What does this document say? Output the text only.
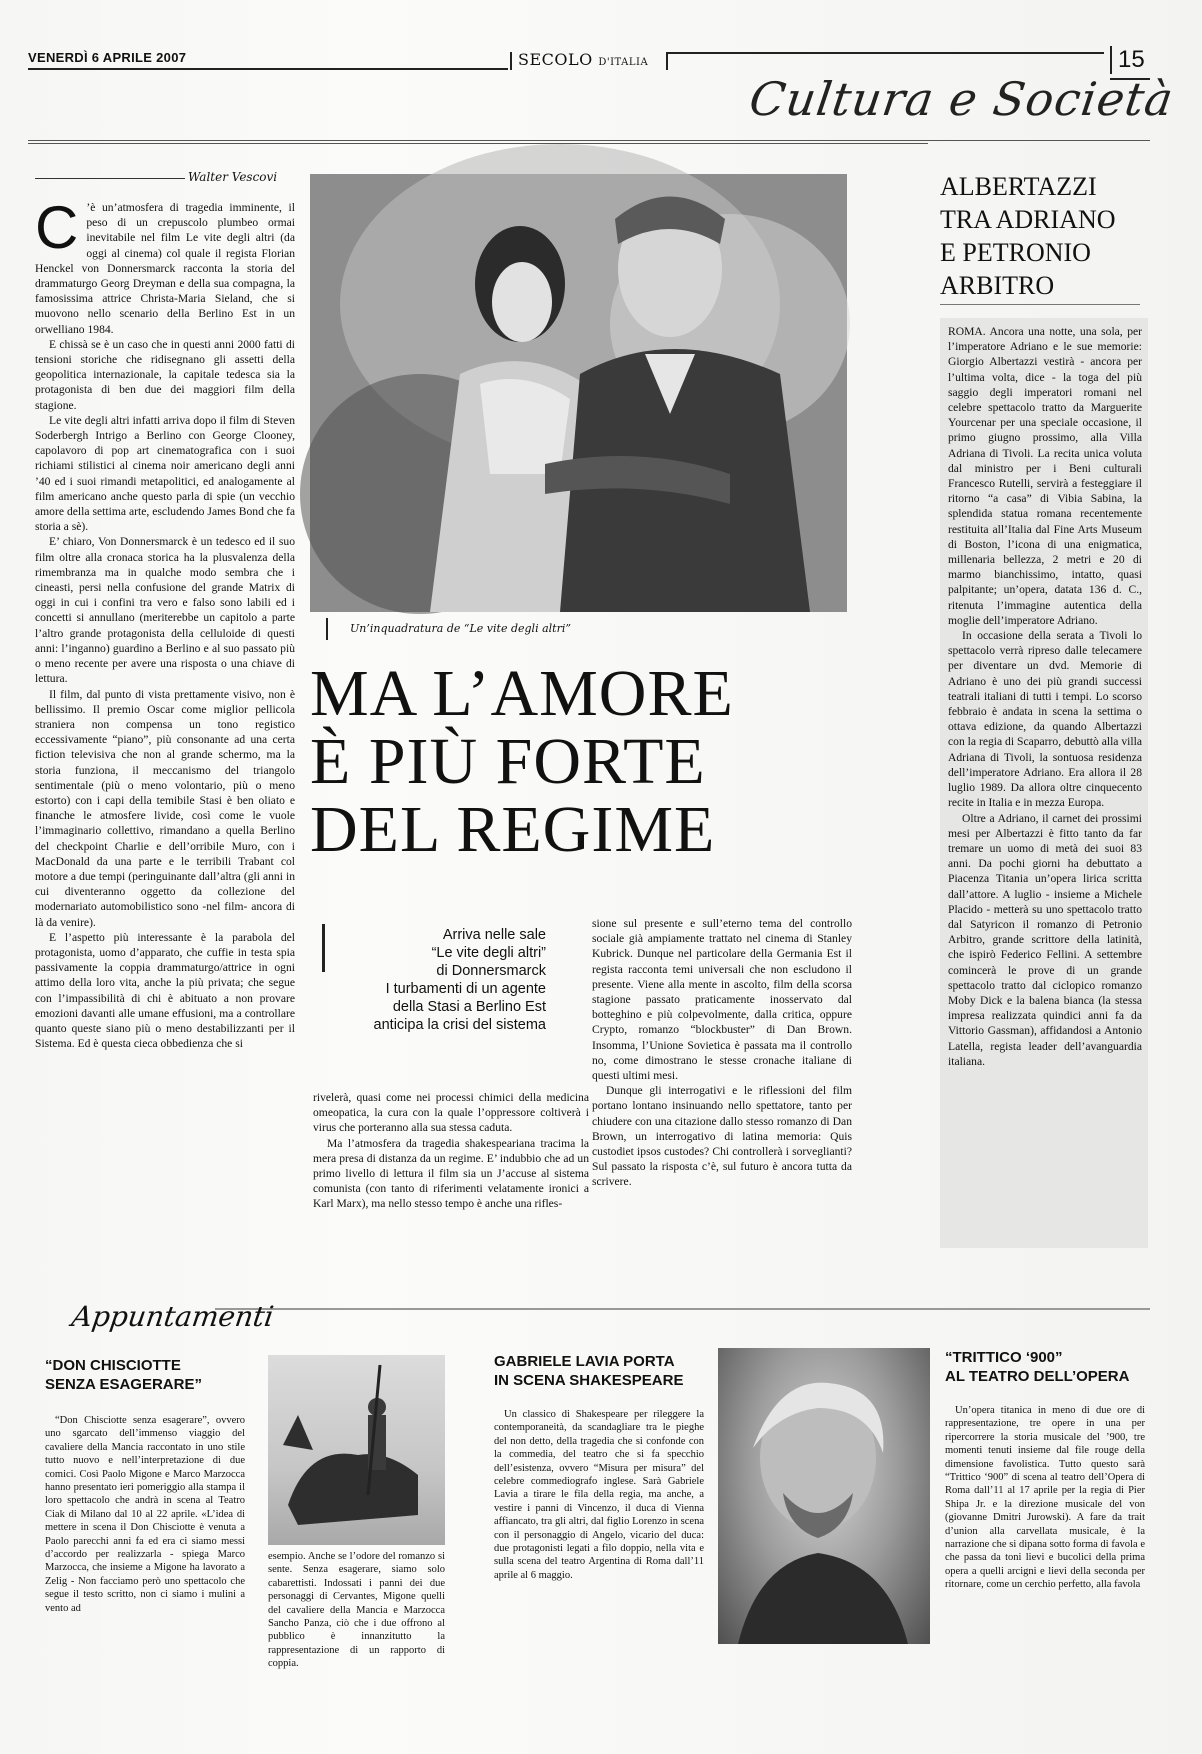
VENERDÌ 6 APRILE 2007	SECOLO D'ITALIA	15
Cultura e Società
Walter Vescovi
C ’è un’atmosfera di tragedia imminente, il peso di un crepuscolo plumbeo ormai inevitabile nel film Le vite degli altri (da oggi al cinema) col quale il regista Florian Henckel von Donnersmarck racconta la storia del drammaturgo Georg Dreyman e della sua compagna, la famosissima attrice Christa-Maria Sieland, che si muovono nello scenario della Berlino Est in un orwelliano 1984.

E chissà se è un caso che in questi anni 2000 fatti di tensioni storiche che ridisegnano gli assetti della geopolitica internazionale, la capitale tedesca sia la protagonista di ben due dei maggiori film della stagione.

Le vite degli altri infatti arriva dopo il film di Steven Soderbergh Intrigo a Berlino con George Clooney, capolavoro di pop art cinematografica con i suoi richiami stilistici al cinema noir americano degli anni ’40 ed i suoi rimandi metapolitici, ed analogamente al film americano anche questo parla di spie (un vecchio amore della settima arte, escludendo James Bond che fa storia a sè).

E’ chiaro, Von Donnersmarck è un tedesco ed il suo film oltre alla cronaca storica ha la plusvalenza della rimembranza ma in qualche modo sembra che i cineasti, persi nella confusione del grande Matrix di oggi in cui i confini tra vero e falso sono labili ed i concetti si annullano (meriterebbe un capitolo a parte l’altro grande protagonista della celluloide di questi anni: l’inganno) guardino a Berlino e al suo passato più o meno recente per avere una risposta o una chiave di lettura.

Il film, dal punto di vista prettamente visivo, non è bellissimo. Il premio Oscar come miglior pellicola straniera non compensa un tono registico eccessivamente “piano”, più consonante ad una certa fiction televisiva che non al grande schermo, ma la storia funziona, il meccanismo del triangolo sentimentale (più o meno volontario, più o meno estorto) con i capi della temibile Stasi è ben oliato e finanche le atmosfere livide, così come le vuole l’immaginario collettivo, rimandano a quella Berlino del checkpoint Charlie e dell’orribile Muro, con i MacDonald da una parte e le terribili Trabant col motore a due tempi (peringuinante dall’altra (gli anni in cui diventeranno oggetto da collezione del modernariato automobilistico sono -nel film- ancora di là da venire).

E l’aspetto più interessante è la parabola del protagonista, uomo d’apparato, che cuffie in testa spia passivamente la coppia drammaturgo/attrice in ogni attimo della loro vita, anche la più privata; che segue con l’impassibilità di chi è abituato a non provare emozioni davanti alle umane effusioni, ma a controllare quanto queste siano più o meno destabilizzanti per il Sistema. Ed è questa cieca obbedienza che si

Un’inquadratura de “Le vite degli altri”
MA L’AMORE
È PIÙ FORTE
DEL REGIME
Arriva nelle sale
“Le vite degli altri”
di Donnersmarck
I turbamenti di un agente
della Stasi a Berlino Est
anticipa la crisi del sistema

rivelerà, quasi come nei processi chimici della medicina omeopatica, la cura con la quale l’oppressore coltiverà i virus che porteranno alla sua stessa caduta.

Ma l’atmosfera da tragedia shakespeariana tracima la mera presa di distanza da un regime. E’ indubbio che ad un primo livello di lettura il film sia un J’accuse al sistema comunista (con tanto di riferimenti velatamente ironici a Karl Marx), ma nello stesso tempo è anche una rifles-

sione sul presente e sull’eterno tema del controllo sociale già ampiamente trattato nel cinema di Stanley Kubrick. Dunque nel particolare della Germania Est il regista racconta temi universali che non escludono il presente. Viene alla mente in ascolto, film della scorsa stagione passato praticamente inosservato dal botteghino e più colpevolmente, dalla critica, oppure Crypto, romanzo “blockbuster” di Dan Brown. Insomma, l’Unione Sovietica è passata ma il controllo no, come dimostrano le stesse cronache italiane di questi ultimi mesi.

Dunque gli interrogativi e le riflessioni del film portano lontano insinuando nello spettatore, tanto per chiudere con una citazione dallo stesso romanzo di Dan Brown, un interrogativo di latina memoria: Quis custodiet ipsos custodes? Chi controllerà i sorveglianti? Sul passato la risposta c’è, sul futuro è ancora tutta da scrivere.

ALBERTAZZI
TRA ADRIANO
E PETRONIO
ARBITRO

ROMA. Ancora una notte, una sola, per l’imperatore Adriano e le sue memorie: Giorgio Albertazzi vestirà - ancora per l’ultima volta, dice - la toga del più saggio degli imperatori romani nel celebre spettacolo tratto da Marguerite Yourcenar per una speciale occasione, il primo giugno prossimo, alla Villa Adriana di Tivoli. La recita unica voluta dal ministro per i Beni culturali Francesco Rutelli, servirà a festeggiare il ritorno “a casa” di Vibia Sabina, la splendida statua romana recentemente restituita all’Italia dal Fine Arts Museum di Boston, l’icona di una enigmatica, millenaria bellezza, 2 metri e 20 di marmo bianchissimo, intatto, quasi palpitante; un’opera, datata 136 d. C., ritenuta l’immagine autentica della moglie dell’imperatore Adriano.

In occasione della serata a Tivoli lo spettacolo verrà ripreso dalle telecamere per diventare un dvd. Memorie di Adriano è uno dei più grandi successi teatrali italiani di tutti i tempi. Lo scorso febbraio è andata in scena la settima o ottava edizione, da quando Albertazzi con la regia di Scaparro, debuttò alla villa Adriana di Tivoli, la sontuosa residenza dell’imperatore Adriano. Era allora il 28 luglio 1989. Da allora oltre cinquecento recite in Italia e in mezza Europa.

Oltre a Adriano, il carnet dei prossimi mesi per Albertazzi è fitto tanto da far tremare un uomo di metà dei suoi 83 anni. Da pochi giorni ha debuttato a Piacenza Titania un’opera lirica scritta dall’attore. A luglio - insieme a Michele Placido - metterà su uno spettacolo tratto dal Satyricon il romanzo di Petronio Arbitro, grande scrittore della latinità, che ispirò Federico Fellini. A settembre comincerà le prove di un grande spettacolo tratto dal ciclopico romanzo Moby Dick e la balena bianca (la stessa impresa realizzata quindici anni fa da Vittorio Gassman), affidandosi a Antonio Latella, regista leader dell’avanguardia italiana.

Appuntamenti
“DON CHISCIOTTE
SENZA ESAGERARE”

“Don Chisciotte senza esagerare”, ovvero uno sgarcato dell’immenso viaggio del cavaliere della Mancia raccontato in uno stile tutto nuovo e nell’interpretazione di due comici. Così Paolo Migone e Marco Marzocca hanno presentato ieri pomeriggio alla stampa il loro spettacolo che andrà in scena al Teatro Ciak di Milano dal 10 al 22 aprile. «L’idea di mettere in scena il Don Chisciotte è venuta a Paolo parecchi anni fa ed era ci siamo messi d’accordo per realizzarla - spiega Marco Marzocca, che insieme a Migone ha lavorato a Zelig - Non facciamo però uno spettacolo che segue il testo scritto, non ci siamo i mulini a vento ad

esempio. Anche se l’odore del romanzo si sente. Senza esagerare, siamo solo cabarettisti. Indossati i panni dei due personaggi di Cervantes, Migone quelli del cavaliere della Mancia e Marzocca Sancho Panza, ciò che i due offrono al pubblico è innanzitutto la rappresentazione di un rapporto di coppia.

GABRIELE LAVIA PORTA
IN SCENA SHAKESPEARE

Un classico di Shakespeare per rileggere la contemporaneità, da scandagliare tra le pieghe del non detto, della tragedia che si confonde con la commedia, del teatro che si fa specchio dell’esistenza, ovvero “Misura per misura” del celebre commediografo inglese. Sarà Gabriele Lavia a tirare le fila della regia, ma anche, a vestire i panni di Vincenzo, il duca di Vienna affiancato, tra gli altri, dal figlio Lorenzo in scena con il personaggio di Angelo, vicario del duca: due protagonisti legati a filo doppio, nella vita e sulla scena del teatro Argentina di Roma dall’11 aprile al 6 maggio.

“TRITTICO ‘900”
AL TEATRO DELL’OPERA

Un’opera titanica in meno di due ore di rappresentazione, tre opere in una per ripercorrere la storia musicale del ’900, tre momenti tenuti insieme dal file rouge della dimensione favolistica. Tutto questo sarà “Trittico ‘900” di scena al teatro dell’Opera di Roma dall’11 al 17 aprile per la regia di Pier Shipa Jr. e la direzione musicale del von (giovanne Dmitri Jurowski). A fare da trait d’union alla carvellata musicale, è la narrazione che si dipana sotto forma di favola e che passa da toni lievi e bucolici della prima opera a quelli arcigni e lievi della seconda per ritornare, come un cerchio perfetto, alla favola
